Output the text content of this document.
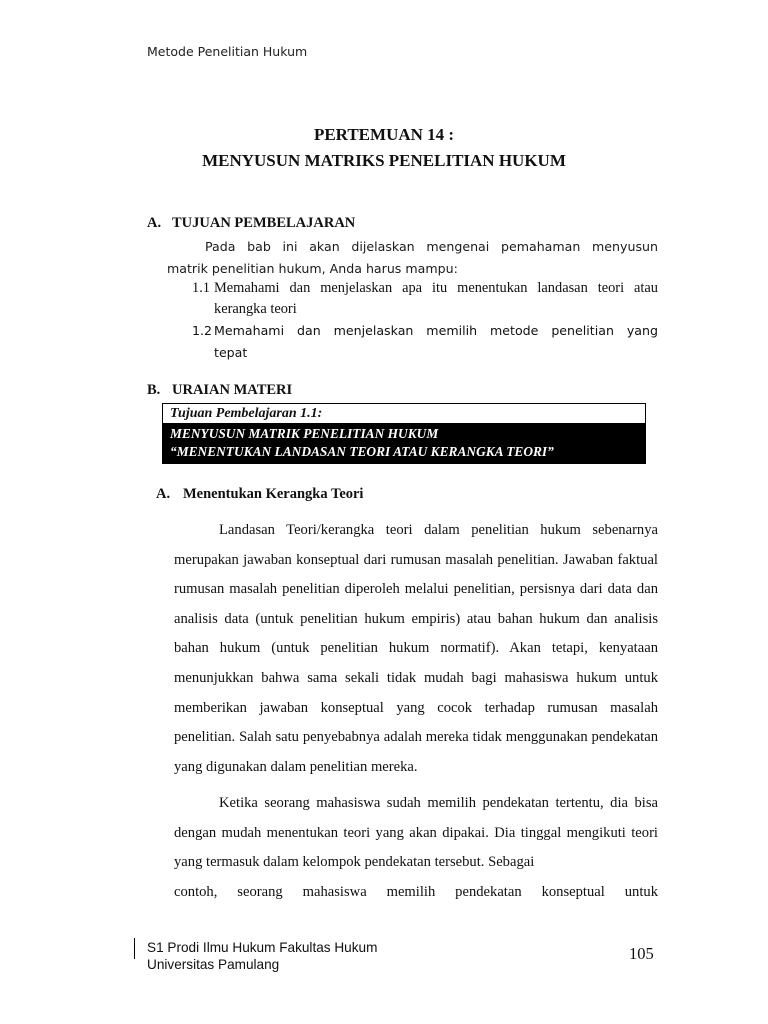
Metode Penelitian Hukum
PERTEMUAN 14 :
MENYUSUN MATRIKS PENELITIAN HUKUM
A. TUJUAN PEMBELAJARAN
Pada bab ini akan dijelaskan mengenai pemahaman menyusun
matrik penelitian hukum, Anda harus mampu:
1.1 Memahami dan menjelaskan apa itu menentukan landasan teori atau
kerangka teori
1.2 Memahami dan menjelaskan memilih metode penelitian yang
tepat
B. URAIAN MATERI
Tujuan Pembelajaran 1.1:
MENYUSUN MATRIK PENELITIAN HUKUM
“MENENTUKAN LANDASAN TEORI ATAU KERANGKA TEORI”
A. Menentukan Kerangka Teori
Landasan Teori/kerangka teori dalam penelitian hukum sebenarnya merupakan jawaban konseptual dari rumusan masalah penelitian. Jawaban faktual rumusan masalah penelitian diperoleh melalui penelitian, persisnya dari data dan analisis data (untuk penelitian hukum empiris) atau bahan hukum dan analisis bahan hukum (untuk penelitian hukum normatif). Akan tetapi, kenyataan menunjukkan bahwa sama sekali tidak mudah bagi mahasiswa hukum untuk memberikan jawaban konseptual yang cocok terhadap rumusan masalah penelitian. Salah satu penyebabnya adalah mereka tidak menggunakan pendekatan yang digunakan dalam penelitian mereka.
Ketika seorang mahasiswa sudah memilih pendekatan tertentu, dia bisa dengan mudah menentukan teori yang akan dipakai. Dia tinggal mengikuti teori yang termasuk dalam kelompok pendekatan tersebut. Sebagai
contoh, seorang mahasiswa memilih pendekatan konseptual untuk
S1 Prodi Ilmu Hukum Fakultas Hukum
Universitas Pamulang
105
